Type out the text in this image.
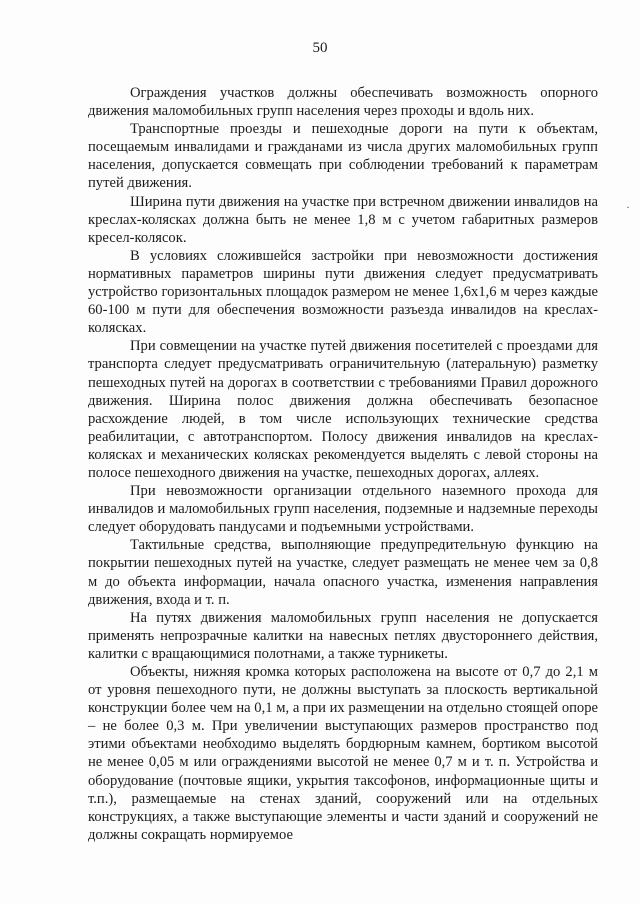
50

Ограждения участков должны обеспечивать возможность опорного движения маломобильных групп населения через проходы и вдоль них.

Транспортные проезды и пешеходные дороги на пути к объектам, посещаемым инвалидами и гражданами из числа других маломобильных групп населения, допускается совмещать при соблюдении требований к параметрам путей движения.

Ширина пути движения на участке при встречном движении инвалидов на креслах-колясках должна быть не менее 1,8 м с учетом габаритных размеров кресел-колясок.

В условиях сложившейся застройки при невозможности достижения нормативных параметров ширины пути движения следует предусматривать устройство горизонтальных площадок размером не менее 1,6х1,6 м через каждые 60-100 м пути для обеспечения возможности разъезда инвалидов на креслах-колясках.

При совмещении на участке путей движения посетителей с проездами для транспорта следует предусматривать ограничительную (латеральную) разметку пешеходных путей на дорогах в соответствии с требованиями Правил дорожного движения. Ширина полос движения должна обеспечивать безопасное расхождение людей, в том числе использующих технические средства реабилитации, с автотранспортом. Полосу движения инвалидов на креслах-колясках и механических колясках рекомендуется выделять с левой стороны на полосе пешеходного движения на участке, пешеходных дорогах, аллеях.

При невозможности организации отдельного наземного прохода для инвалидов и маломобильных групп населения, подземные и надземные переходы следует оборудовать пандусами и подъемными устройствами.

Тактильные средства, выполняющие предупредительную функцию на покрытии пешеходных путей на участке, следует размещать не менее чем за 0,8 м до объекта информации, начала опасного участка, изменения направления движения, входа и т. п.

На путях движения маломобильных групп населения не допускается применять непрозрачные калитки на навесных петлях двустороннего действия, калитки с вращающимися полотнами, а также турникеты.

Объекты, нижняя кромка которых расположена на высоте от 0,7 до 2,1 м от уровня пешеходного пути, не должны выступать за плоскость вертикальной конструкции более чем на 0,1 м, а при их размещении на отдельно стоящей опоре – не более 0,3 м. При увеличении выступающих размеров пространство под этими объектами необходимо выделять бордюрным камнем, бортиком высотой не менее 0,05 м или ограждениями высотой не менее 0,7 м и т. п. Устройства и оборудование (почтовые ящики, укрытия таксофонов, информационные щиты и т.п.), размещаемые на стенах зданий, сооружений или на отдельных конструкциях, а также выступающие элементы и части зданий и сооружений не должны сокращать нормируемое

·
